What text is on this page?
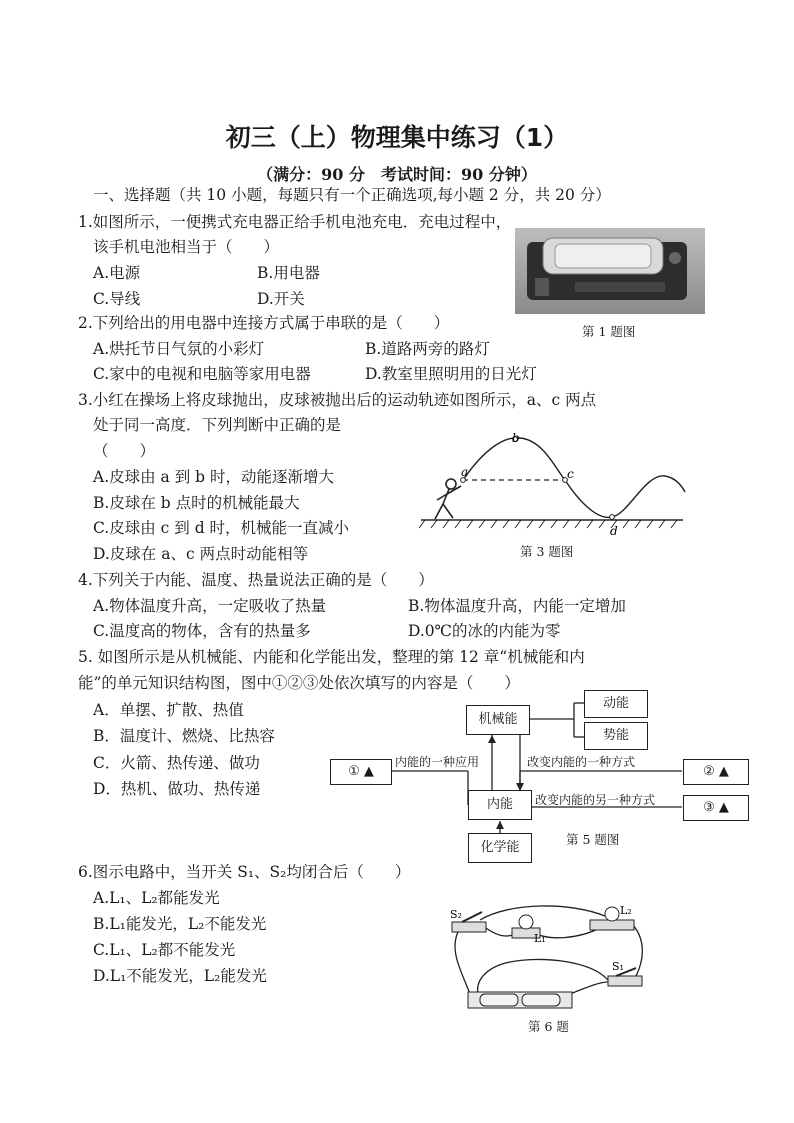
初三（上）物理集中练习（1）
（满分：90 分　考试时间：90 分钟）
一、选择题（共 10 小题，每题只有一个正确选项,每小题 2 分，共 20 分）
1.如图所示，一便携式充电器正给手机电池充电．充电过程中，
该手机电池相当于（　　）
A.电源	B.用电器
C.导线	D.开关
第 1 题图
2.下列给出的用电器中连接方式属于串联的是（　　）
A.烘托节日气氛的小彩灯	B.道路两旁的路灯
C.家中的电视和电脑等家用电器	D.教室里照明用的日光灯
3.小红在操场上将皮球抛出，皮球被抛出后的运动轨迹如图所示，a、c 两点
处于同一高度．下列判断中正确的是
（　　）
A.皮球由 a 到 b 时，动能逐渐增大
B.皮球在 b 点时的机械能最大
C.皮球由 c 到 d 时，机械能一直减小
D.皮球在 a、c 两点时动能相等
a
b
c
d
第 3 题图
4.下列关于内能、温度、热量说法正确的是（　　）
A.物体温度升高，一定吸收了热量	B.物体温度升高，内能一定增加
C.温度高的物体，含有的热量多	D.0℃的冰的内能为零
5. 如图所示是从机械能、内能和化学能出发，整理的第 12 章“机械能和内
能”的单元知识结构图，图中①②③处依次填写的内容是（　　）
A．单摆、扩散、热值
B．温度计、燃烧、比热容
C．火箭、热传递、做功
D．热机、做功、热传递
机械能
动能
势能
内能
化学能
① ▲	② ▲
③ ▲
内能的一种应用	改变内能的一种方式
改变内能的另一种方式
第 5 题图
6.图示电路中，当开关 S₁、S₂均闭合后（　　）
A.L₁、L₂都能发光
B.L₁能发光，L₂不能发光
C.L₁、L₂都不能发光
D.L₁不能发光，L₂能发光
S₂
L₁
L₂
S₁
第 6 题
